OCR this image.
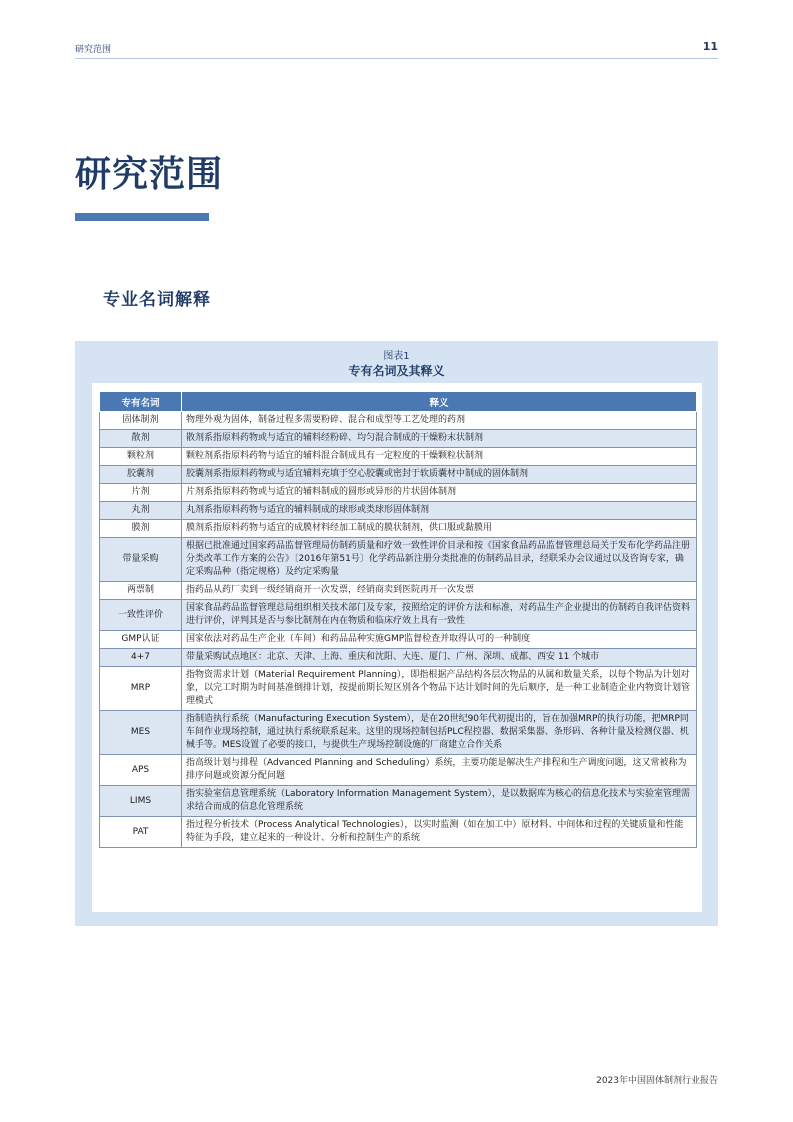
研究范围	11
研究范围
专业名词解释
图表1
专有名词及其释义
专有名词	释义
固体制剂	物理外观为固体，制备过程多需要粉碎、混合和成型等工艺处理的药剂
散剂	散剂系指原料药物或与适宜的辅料经粉碎、均匀混合制成的干燥粉末状制剂
颗粒剂	颗粒剂系指原料药物与适宜的辅料混合制成具有一定粒度的干燥颗粒状制剂
胶囊剂	胶囊剂系指原料药物或与适宜辅料充填于空心胶囊或密封于软质囊材中制成的固体制剂
片剂	片剂系指原料药物或与适宜的辅料制成的圆形或异形的片状固体制剂
丸剂	丸剂系指原料药物与适宜的辅料制成的球形或类球形固体制剂
膜剂	膜剂系指原料药物与适宜的成膜材料经加工制成的膜状制剂，供口服或黏膜用
带量采购	根据已批准通过国家药品监督管理局仿制药质量和疗效一致性评价目录和按《国家食品药品监督管理总局关于发布化学药品注册分类改革工作方案的公告》〔2016年第51号〕化学药品新注册分类批准的仿制药品目录，经联采办会议通过以及咨询专家，确定采购品种（指定规格）及约定采购量
两票制	指药品从药厂卖到一级经销商开一次发票，经销商卖到医院再开一次发票
一致性评价	国家食品药品监督管理总局组织相关技术部门及专家，按照给定的评价方法和标准，对药品生产企业提出的仿制药自我评估资料进行评价，评判其是否与参比制剂在内在物质和临床疗效上具有一致性
GMP认证	国家依法对药品生产企业（车间）和药品品种实施GMP监督检查并取得认可的一种制度
4+7	带量采购试点地区：北京、天津、上海、重庆和沈阳、大连、厦门、广州、深圳、成都、西安 11 个城市
MRP	指物资需求计划（Material Requirement Planning），即指根据产品结构各层次物品的从属和数量关系，以每个物品为计划对象，以完工时期为时间基准倒排计划，按提前期长短区别各个物品下达计划时间的先后顺序，是一种工业制造企业内物资计划管理模式
MES	指制造执行系统（Manufacturing Execution System），是在20世纪90年代初提出的，旨在加强MRP的执行功能，把MRP同车间作业现场控制，通过执行系统联系起来。这里的现场控制包括PLC程控器、数据采集器、条形码、各种计量及检测仪器、机械手等。MES设置了必要的接口，与提供生产现场控制设施的厂商建立合作关系
APS	指高级计划与排程（Advanced Planning and Scheduling）系统，主要功能是解决生产排程和生产调度问题，这又常被称为排序问题或资源分配问题
LIMS	指实验室信息管理系统（Laboratory Information Management System），是以数据库为核心的信息化技术与实验室管理需求结合而成的信息化管理系统
PAT	指过程分析技术（Process Analytical Technologies），以实时监测（如在加工中）原材料、中间体和过程的关键质量和性能特征为手段，建立起来的一种设计、分析和控制生产的系统
2023年中国固体制剂行业报告
